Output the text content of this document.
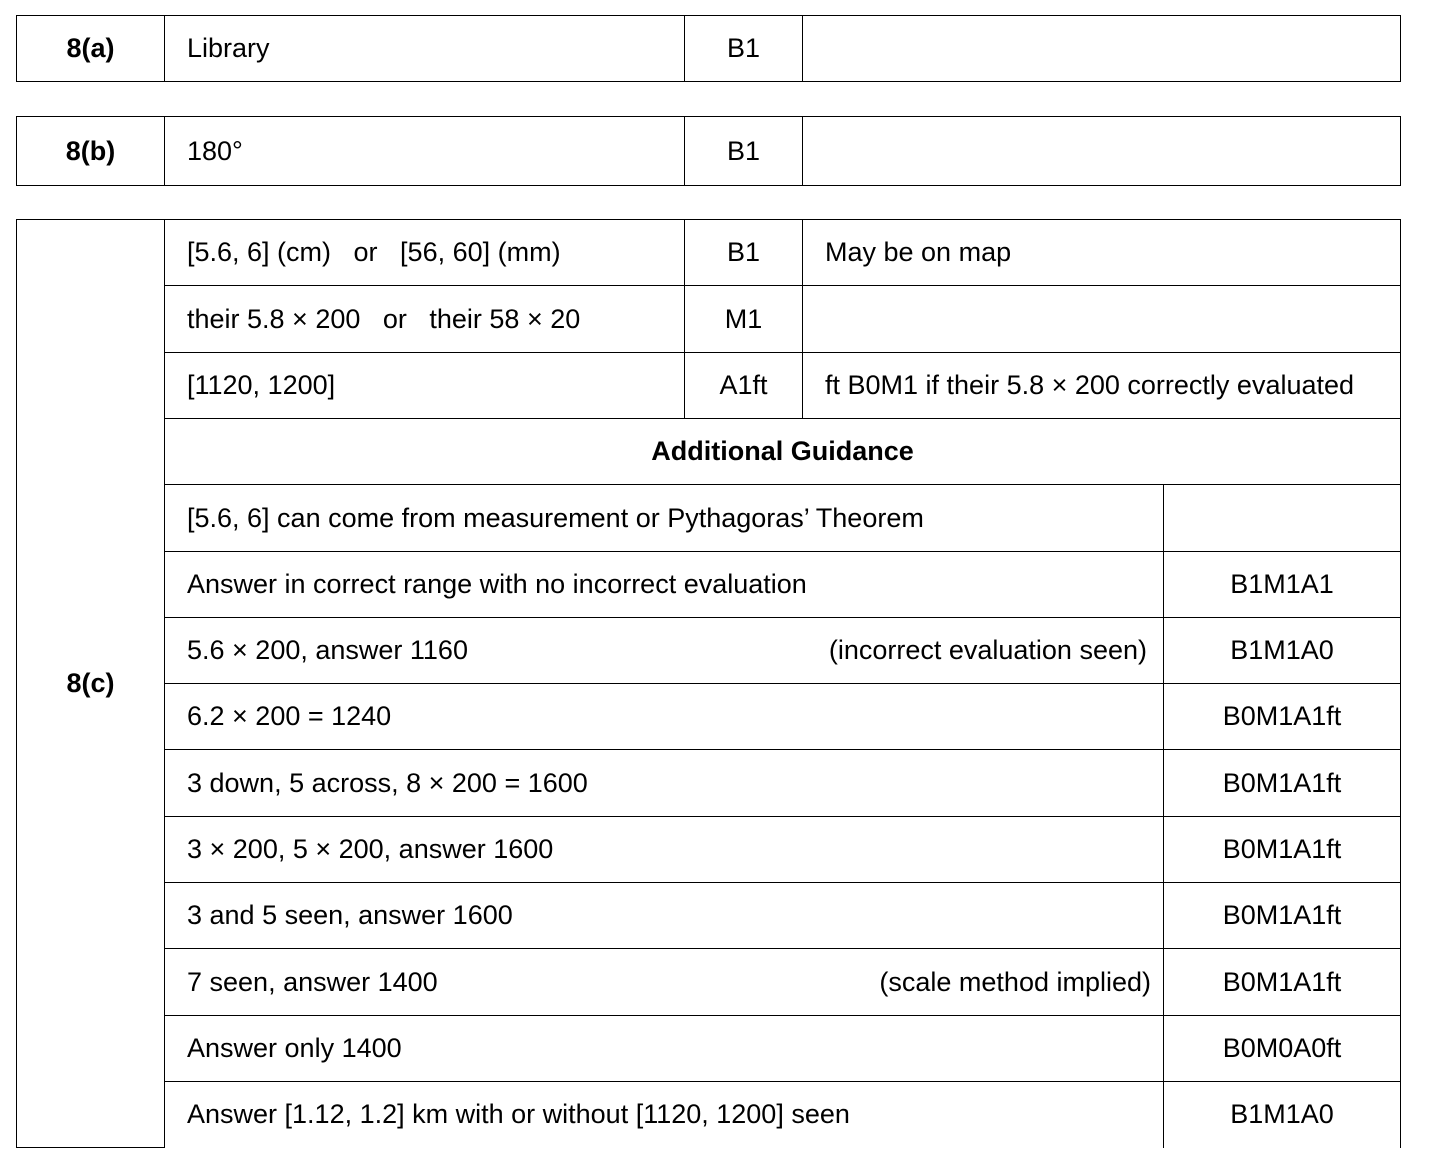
8(a)	Library	B1	
8(b)	180°	B1	
8(c)	[5.6, 6] (cm)   or   [56, 60] (mm)	B1	May be on map	
	their 5.8 × 200   or   their 58 × 20	M1		
	[1120, 1200]	A1ft	ft B0M1 if their 5.8 × 200 correctly evaluated	
	Additional Guidance			
	[5.6, 6] can come from measurement or Pythagoras’ Theorem			
	Answer in correct range with no incorrect evaluation			B1M1A1

	5.6 × 200, answer 1160 (incorrect evaluation seen)			B1M1A0
	6.2 × 200 = 1240			B0M1A1ft
	3 down, 5 across, 8 × 200 = 1600			B0M1A1ft
	3 × 200, 5 × 200, answer 1600			B0M1A1ft
	3 and 5 seen, answer 1600			B0M1A1ft

	7 seen, answer 1400 (scale method implied)			B0M1A1ft
	Answer only 1400			B0M0A0ft
	Answer [1.12, 1.2] km with or without [1120, 1200] seen			B1M1A0
